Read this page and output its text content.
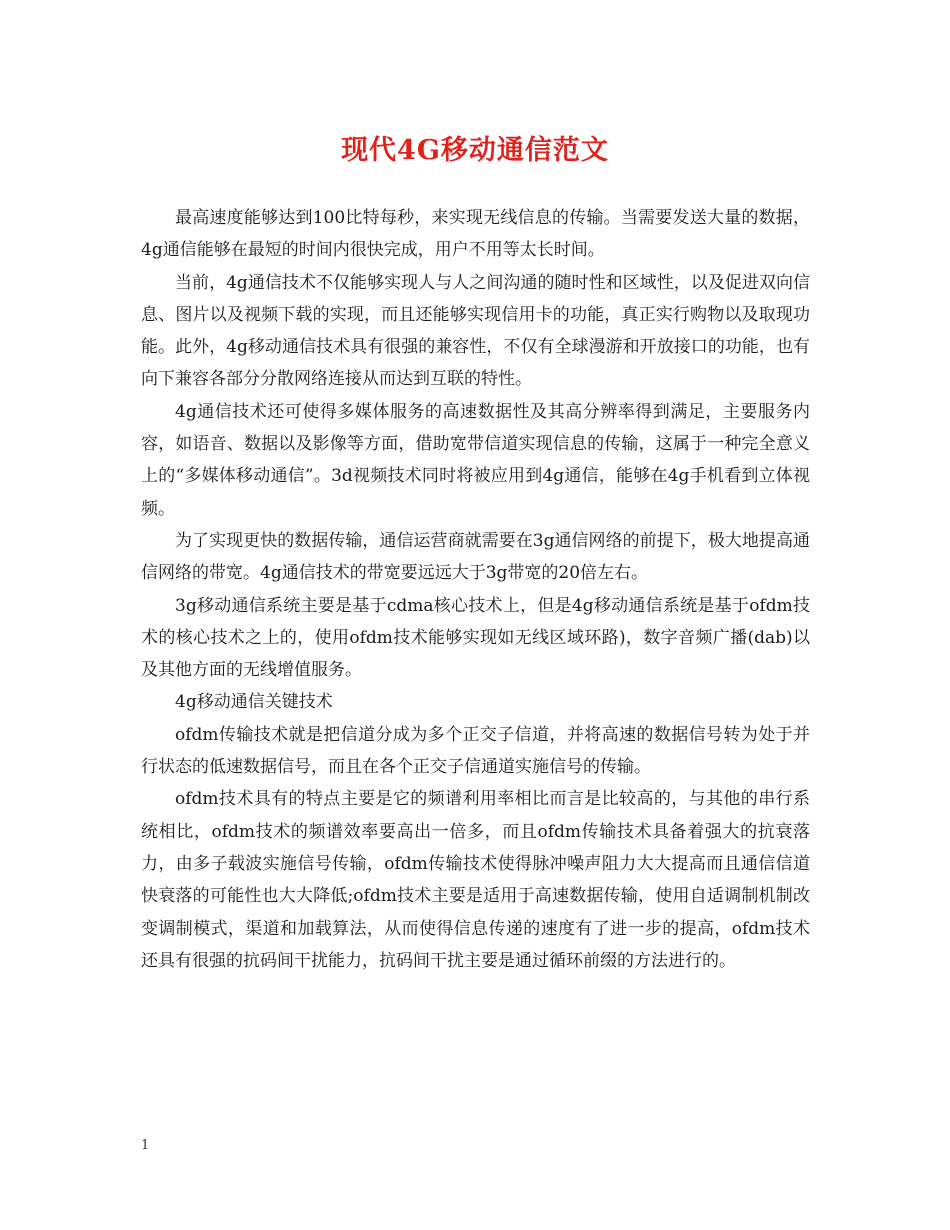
现代4G移动通信范文

最高速度能够达到100比特每秒，来实现无线信息的传输。当需要发送大量的数据，4g通信能够在最短的时间内很快完成，用户不用等太长时间。

当前，4g通信技术不仅能够实现人与人之间沟通的随时性和区域性，以及促进双向信息、图片以及视频下载的实现，而且还能够实现信用卡的功能，真正实行购物以及取现功能。此外，4g移动通信技术具有很强的兼容性，不仅有全球漫游和开放接口的功能，也有向下兼容各部分分散网络连接从而达到互联的特性。

4g通信技术还可使得多媒体服务的高速数据性及其高分辨率得到满足，主要服务内容，如语音、数据以及影像等方面，借助宽带信道实现信息的传输，这属于一种完全意义上的“多媒体移动通信”。3d视频技术同时将被应用到4g通信，能够在4g手机看到立体视频。

为了实现更快的数据传输，通信运营商就需要在3g通信网络的前提下，极大地提高通信网络的带宽。4g通信技术的带宽要远远大于3g带宽的20倍左右。

3g移动通信系统主要是基于cdma核心技术上，但是4g移动通信系统是基于ofdm技术的核心技术之上的，使用ofdm技术能够实现如无线区域环路)，数字音频广播(dab)以及其他方面的无线增值服务。

4g移动通信关键技术

ofdm传输技术就是把信道分成为多个正交子信道，并将高速的数据信号转为处于并行状态的低速数据信号，而且在各个正交子信通道实施信号的传输。

ofdm技术具有的特点主要是它的频谱利用率相比而言是比较高的，与其他的串行系统相比，ofdm技术的频谱效率要高出一倍多，而且ofdm传输技术具备着强大的抗衰落力，由多子载波实施信号传输，ofdm传输技术使得脉冲噪声阻力大大提高而且通信信道快衰落的可能性也大大降低;ofdm技术主要是适用于高速数据传输，使用自适调制机制改变调制模式，渠道和加载算法，从而使得信息传递的速度有了进一步的提高，ofdm技术还具有很强的抗码间干扰能力，抗码间干扰主要是通过循环前缀的方法进行的。

1
